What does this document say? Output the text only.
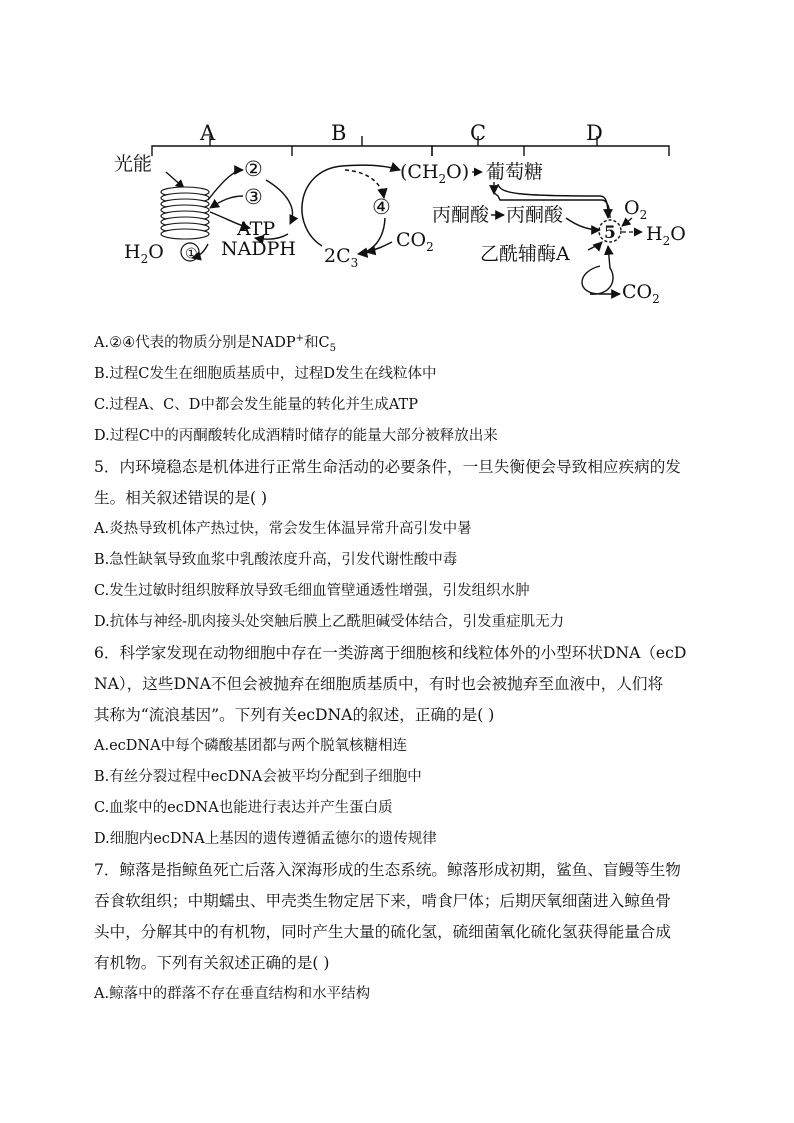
A	B	C	D
光能
$H_2O$ ①
②
③
ATP
NADPH
④
$2C_3$
$CO_2$
$(CH_2O)$ 葡萄糖
丙酮酸 丙酮酸
5
$O_2$
$H_2O$
乙酰辅酶A
$CO_2$
A.②④代表的物质分别是NADP+和$C_5$
B.过程C发生在细胞质基质中，过程D发生在线粒体中
C.过程A、C、D中都会发生能量的转化并生成ATP
D.过程C中的丙酮酸转化成酒精时储存的能量大部分被释放出来
5．内环境稳态是机体进行正常生命活动的必要条件，一旦失衡便会导致相应疾病的发
生。相关叙述错误的是( )
A.炎热导致机体产热过快，常会发生体温异常升高引发中暑
B.急性缺氧导致血浆中乳酸浓度升高，引发代谢性酸中毒
C.发生过敏时组织胺释放导致毛细血管壁通透性增强，引发组织水肿
D.抗体与神经-肌肉接头处突触后膜上乙酰胆碱受体结合，引发重症肌无力
6．科学家发现在动物细胞中存在一类游离于细胞核和线粒体外的小型环状DNA（ecD
NA），这些DNA不但会被抛弃在细胞质基质中，有时也会被抛弃至血液中，人们将
其称为“流浪基因”。下列有关ecDNA的叙述，正确的是( )
A.ecDNA中每个磷酸基团都与两个脱氧核糖相连
B.有丝分裂过程中ecDNA会被平均分配到子细胞中
C.血浆中的ecDNA也能进行表达并产生蛋白质
D.细胞内ecDNA上基因的遗传遵循孟德尔的遗传规律
7．鲸落是指鲸鱼死亡后落入深海形成的生态系统。鲸落形成初期，鲨鱼、盲鳗等生物
吞食软组织；中期蠕虫、甲壳类生物定居下来，啃食尸体；后期厌氧细菌进入鲸鱼骨
头中，分解其中的有机物，同时产生大量的硫化氢，硫细菌氧化硫化氢获得能量合成
有机物。下列有关叙述正确的是( )
A.鲸落中的群落不存在垂直结构和水平结构
